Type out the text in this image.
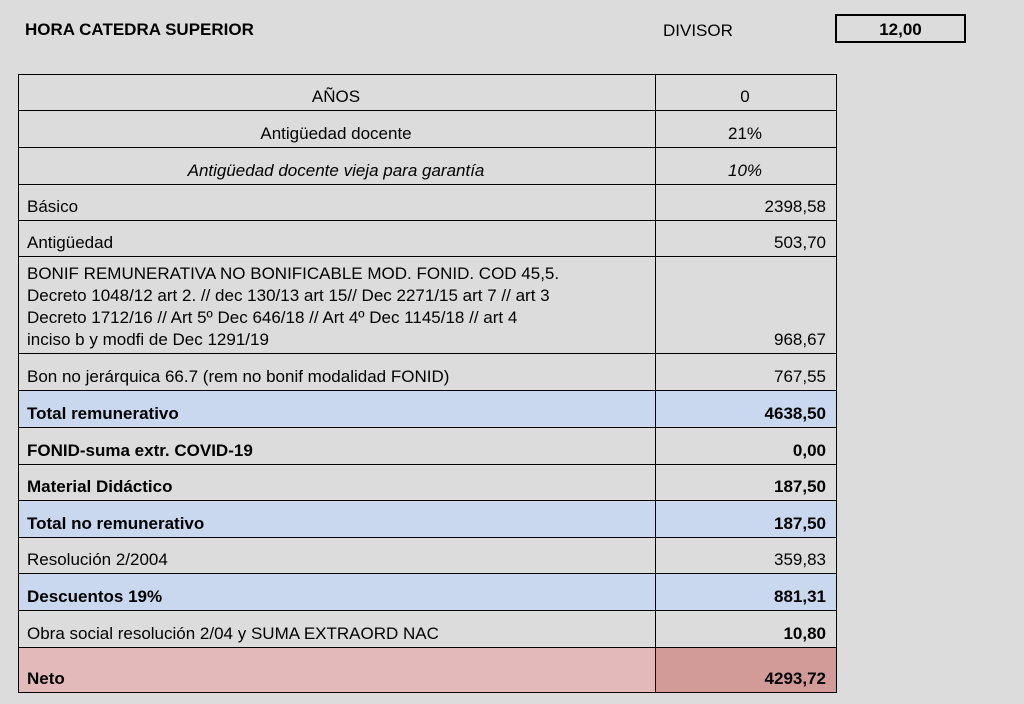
HORA CATEDRA SUPERIOR	DIVISOR	12,00
AÑOS	0
Antigüedad docente	21%
Antigüedad docente vieja para garantía	10%
Básico	2398,58
Antigüedad	503,70

BONIF REMUNERATIVA NO BONIFICABLE MOD. FONID. COD 45,5.
Decreto 1048/12 art 2. // dec 130/13 art 15// Dec 2271/15 art 7 // art 3
Decreto 1712/16 // Art 5º Dec 646/18 // Art 4º Dec 1145/18 // art 4
inciso b y modfi de Dec 1291/19	968,67
Bon no jerárquica 66.7 (rem no bonif modalidad FONID)	767,55
Total remunerativo	4638,50
FONID-suma extr. COVID-19	0,00
Material Didáctico	187,50
Total no remunerativo	187,50
Resolución 2/2004	359,83
Descuentos 19%	881,31
Obra social resolución 2/04 y SUMA EXTRAORD NAC	10,80
Neto	4293,72
